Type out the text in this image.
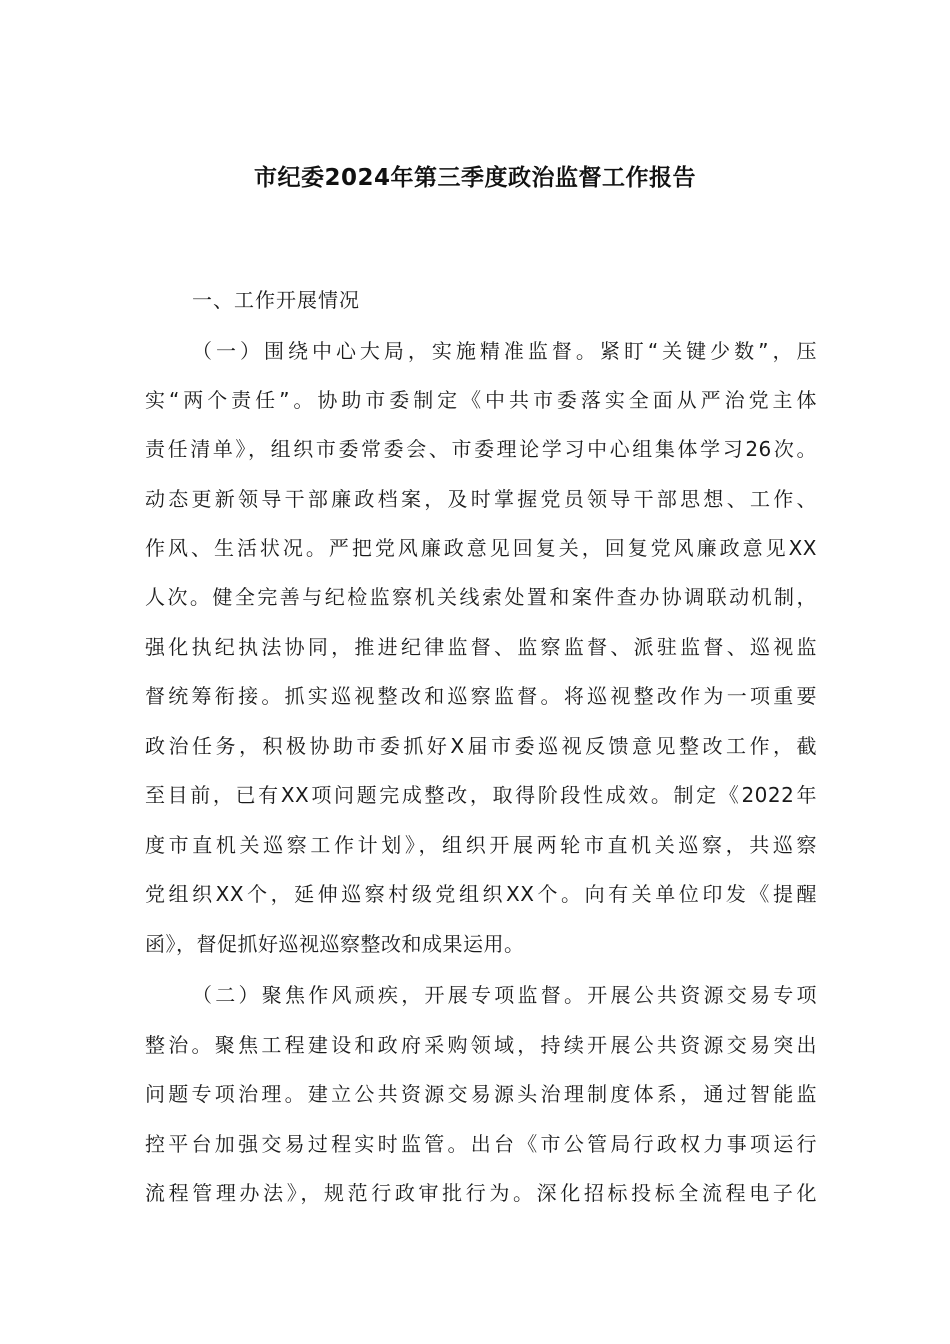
市纪委2024年第三季度政治监督工作报告
一、工作开展情况
（一）围绕中心大局，实施精准监督。紧盯“关键少数”，压
实“两个责任”。协助市委制定《中共市委落实全面从严治党主体
责任清单》，组织市委常委会、市委理论学习中心组集体学习26次。
动态更新领导干部廉政档案，及时掌握党员领导干部思想、工作、
作风、生活状况。严把党风廉政意见回复关，回复党风廉政意见XX
人次。健全完善与纪检监察机关线索处置和案件查办协调联动机制，
强化执纪执法协同，推进纪律监督、监察监督、派驻监督、巡视监
督统筹衔接。抓实巡视整改和巡察监督。将巡视整改作为一项重要
政治任务，积极协助市委抓好X届市委巡视反馈意见整改工作，截
至目前，已有XX项问题完成整改，取得阶段性成效。制定《2022年
度市直机关巡察工作计划》，组织开展两轮市直机关巡察，共巡察
党组织XX个，延伸巡察村级党组织XX个。向有关单位印发《提醒
函》，督促抓好巡视巡察整改和成果运用。
（二）聚焦作风顽疾，开展专项监督。开展公共资源交易专项
整治。聚焦工程建设和政府采购领域，持续开展公共资源交易突出
问题专项治理。建立公共资源交易源头治理制度体系，通过智能监
控平台加强交易过程实时监管。出台《市公管局行政权力事项运行
流程管理办法》，规范行政审批行为。深化招标投标全流程电子化
